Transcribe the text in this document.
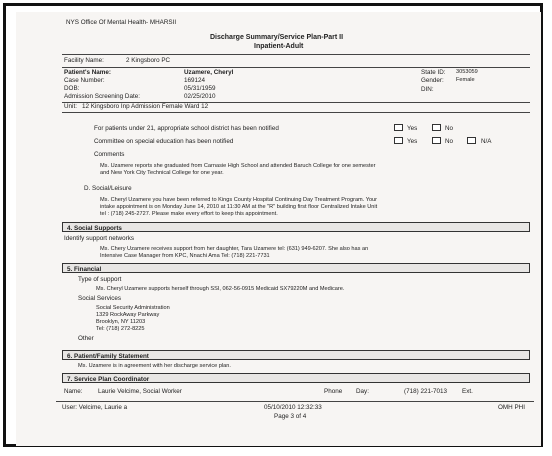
NYS Office Of Mental Health- MHARSII
Discharge Summary/Service Plan-Part II
Inpatient-Adult
Facility Name:	2 Kingsboro PC
Patient's Name:	Uzamere, Cheryl
Case Number:	169124
DOB:	05/31/1959
Admission Screening Date:	02/25/2010
State ID: 3053059
Gender: Female
DIN:
Unit: 12 Kingsboro Inp Admission Female Ward 12
For patients under 21, appropriate school district has been notified	Yes	No
Committee on special education has been notified	Yes	No	N/A
Comments
Ms. Uzamere reports she graduated from Carnasie High School and attended Baruch College for one semester
and New York City Technical College for one year.
D. Social/Leisure
Ms. Cheryl Uzamere you have been referred to Kings County Hospital Continuing Day Treatment Program. Your
intake appointment is on Monday June 14, 2010 at 11:30 AM at the "R" building first floor Centralized Intake Unit
tel : (718) 245-2727. Please make every effort to keep this appointment.
4. Social Supports
Identify support networks
Ms. Chery Uzamere receives support from her daughter, Tara Uzamere tel: (631) 949-6207. She also has an
Intensive Case Manager from KPC, Nnachi Ama Tel: (718) 221-7731
5. Financial
Type of support
Ms. Cheryl Uzamere supports herself through SSI, 062-56-0915 Medicaid SX79220M and Medicare.
Social Services
Social Security Administration
1329 RockAway Parkway
Brooklyn, NY 11203
Tel: (718) 272-8225
Other
6. Patient/Family Statement
Ms. Uzamere is in agreement with her discharge service plan.
7. Service Plan Coordinator
Name: Laurie Velcime, Social Worker	Phone Day:	(718) 221-7013 Ext.
User: Velcime, Laurie a	05/10/2010 12:32:33	OMH PHI
Page 3 of 4
